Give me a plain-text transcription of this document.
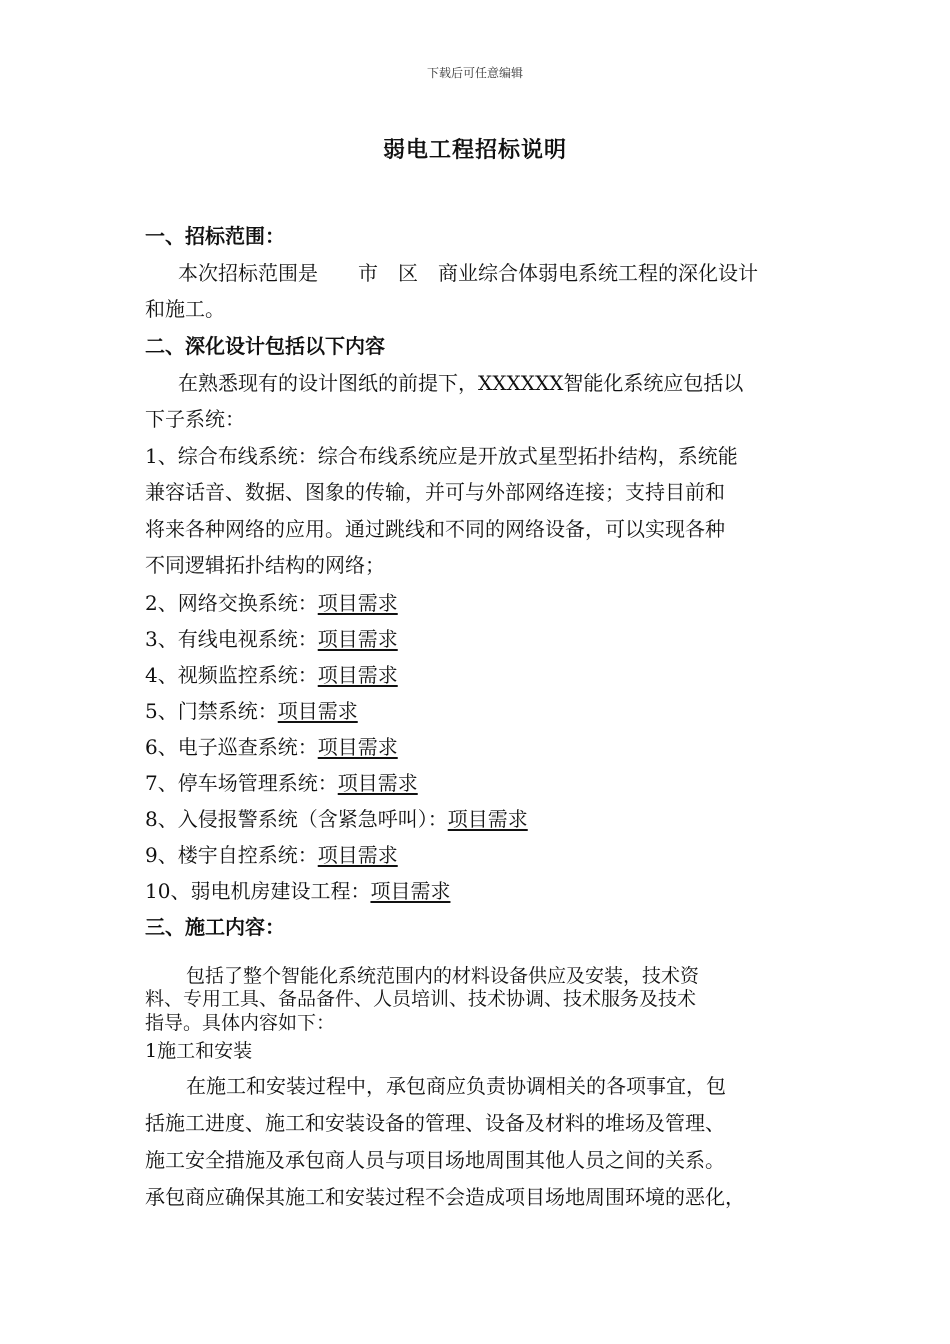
下载后可任意编辑
弱电工程招标说明
一、招标范围：
本次招标范围是　　市　区　商业综合体弱电系统工程的深化设计
和施工。
二、深化设计包括以下内容
在熟悉现有的设计图纸的前提下，XXXXXX智能化系统应包括以
下子系统：
1、综合布线系统：综合布线系统应是开放式星型拓扑结构，系统能
兼容话音、数据、图象的传输，并可与外部网络连接；支持目前和
将来各种网络的应用。通过跳线和不同的网络设备，可以实现各种
不同逻辑拓扑结构的网络；
2、网络交换系统：项目需求
3、有线电视系统：项目需求
4、视频监控系统：项目需求
5、门禁系统：项目需求
6、电子巡查系统：项目需求
7、停车场管理系统：项目需求
8、入侵报警系统（含紧急呼叫）：项目需求
9、楼宇自控系统：项目需求
10、弱电机房建设工程：项目需求
三、施工内容：
包括了整个智能化系统范围内的材料设备供应及安装，技术资
料、专用工具、备品备件、人员培训、技术协调、技术服务及技术
指导。具体内容如下：
1施工和安装
在施工和安装过程中，承包商应负责协调相关的各项事宜，包
括施工进度、施工和安装设备的管理、设备及材料的堆场及管理、
施工安全措施及承包商人员与项目场地周围其他人员之间的关系。
承包商应确保其施工和安装过程不会造成项目场地周围环境的恶化，
